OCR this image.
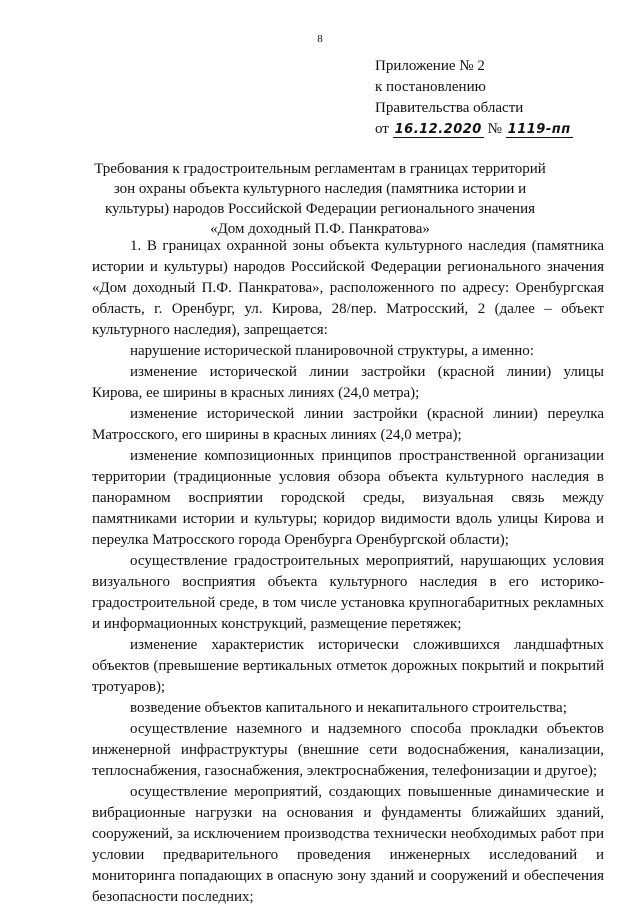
8
Приложение № 2
к постановлению
Правительства области
от 16.12.2020 № 1119-пп
Требования к градостроительным регламентам в границах территорий зон охраны объекта культурного наследия (памятника истории и культуры) народов Российской Федерации регионального значения «Дом доходный П.Ф. Панкратова»

1. В границах охранной зоны объекта культурного наследия (памятника истории и культуры) народов Российской Федерации регионального значения «Дом доходный П.Ф. Панкратова», расположенного по адресу: Оренбургская область, г. Оренбург, ул. Кирова, 28/пер. Матросский, 2 (далее – объект культурного наследия), запрещается:

нарушение исторической планировочной структуры, а именно:

изменение исторической линии застройки (красной линии) улицы Кирова, ее ширины в красных линиях (24,0 метра);

изменение исторической линии застройки (красной линии) переулка Матросского, его ширины в красных линиях (24,0 метра);

изменение композиционных принципов пространственной организации территории (традиционные условия обзора объекта культурного наследия в панорамном восприятии городской среды, визуальная связь между памятниками истории и культуры; коридор видимости вдоль улицы Кирова и переулка Матросского города Оренбурга Оренбургской области);

осуществление градостроительных мероприятий, нарушающих условия визуального восприятия объекта культурного наследия в его историко-градостроительной среде, в том числе установка крупногабаритных рекламных и информационных конструкций, размещение перетяжек;

изменение характеристик исторически сложившихся ландшафтных объектов (превышение вертикальных отметок дорожных покрытий и покрытий тротуаров);

возведение объектов капитального и некапитального строительства;

осуществление наземного и надземного способа прокладки объектов инженерной инфраструктуры (внешние сети водоснабжения, канализации, теплоснабжения, газоснабжения, электроснабжения, телефонизации и другое);

осуществление мероприятий, создающих повышенные динамические и вибрационные нагрузки на основания и фундаменты ближайших зданий, сооружений, за исключением производства технически необходимых работ при условии предварительного проведения инженерных исследований и мониторинга попадающих в опасную зону зданий и сооружений и обеспечения безопасности последних;
